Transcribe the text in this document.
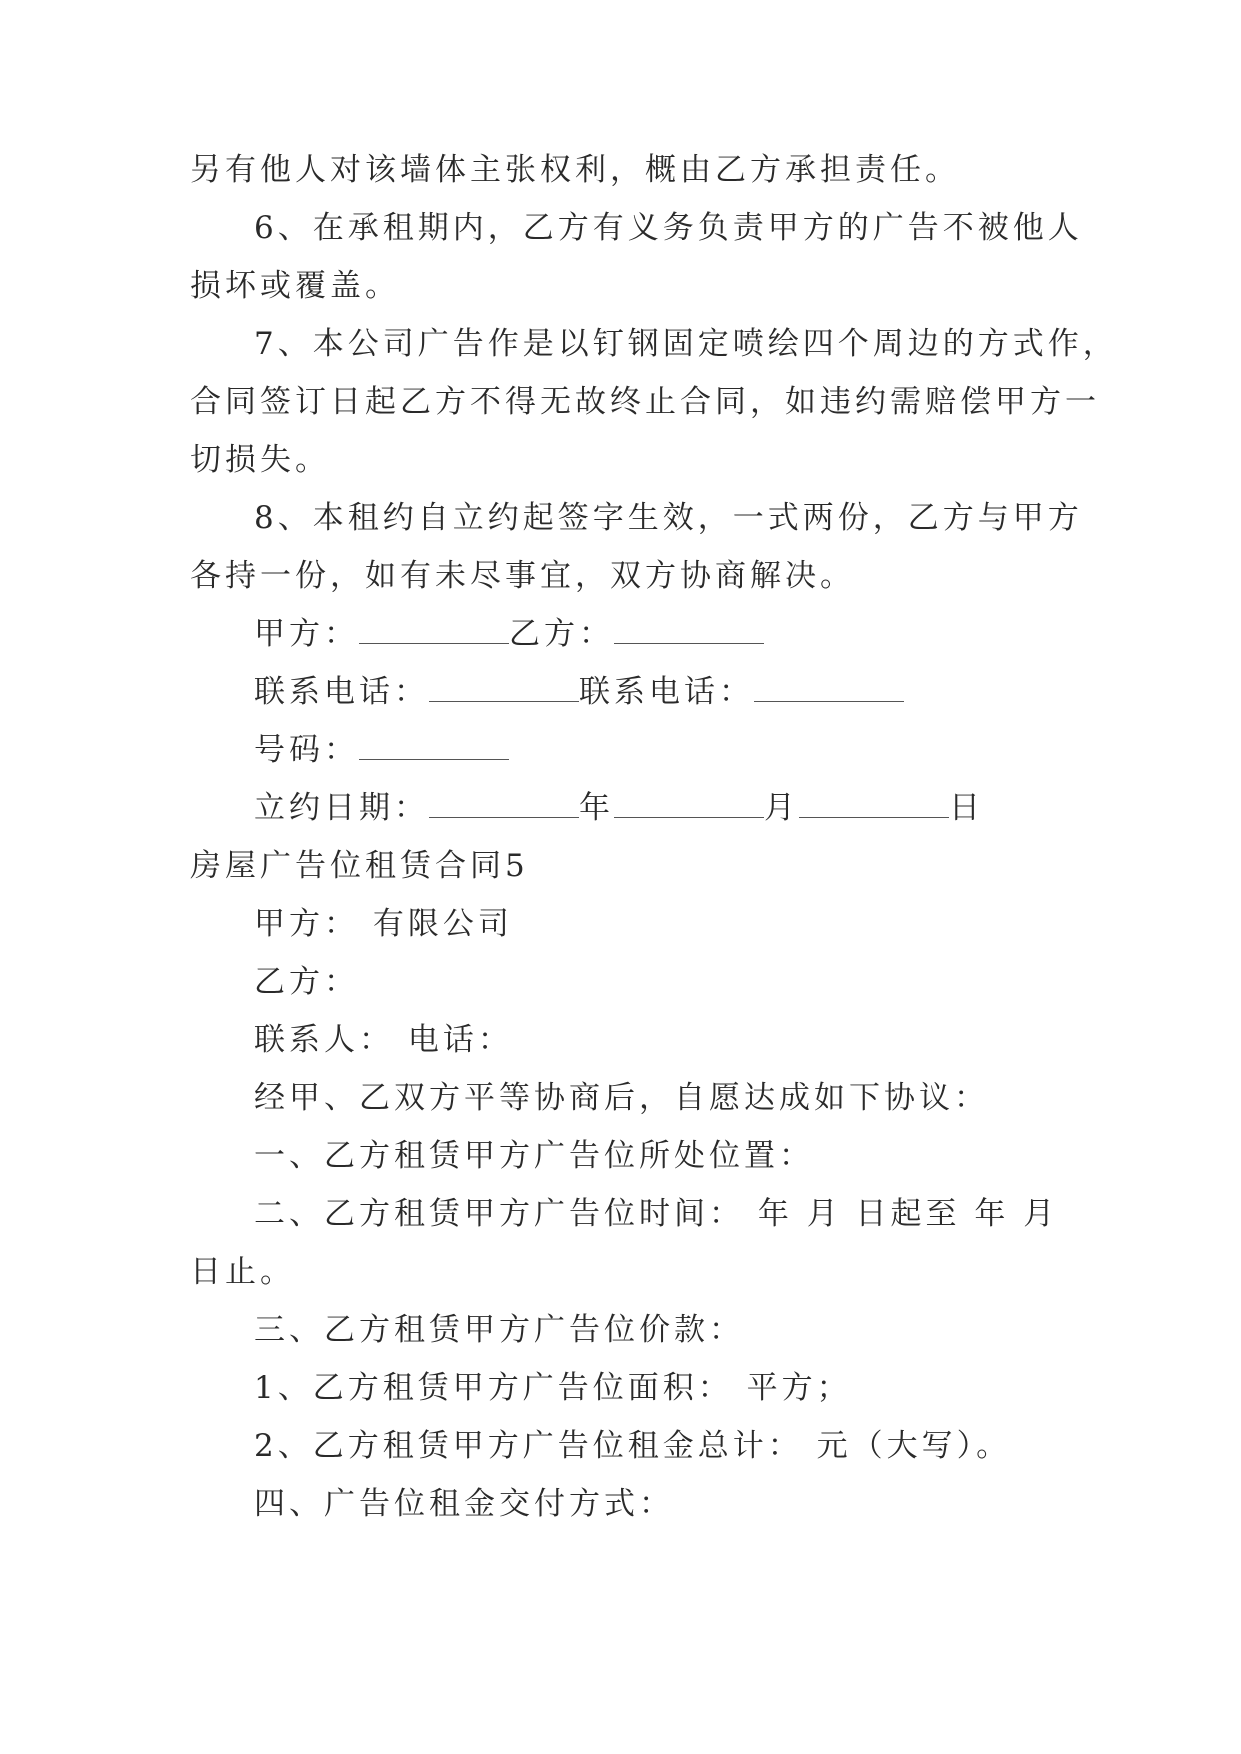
另有他人对该墙体主张权利，概由乙方承担责任。
6、在承租期内，乙方有义务负责甲方的广告不被他人
损坏或覆盖。
7、本公司广告作是以钉钢固定喷绘四个周边的方式作，
合同签订日起乙方不得无故终止合同，如违约需赔偿甲方一
切损失。
8、本租约自立约起签字生效，一式两份，乙方与甲方
各持一份，如有未尽事宜，双方协商解决。
甲方：	乙方：
联系电话：	联系电话：
号码：
立约日期：	年	月	日
房屋广告位租赁合同5
甲方： 有限公司
乙方：
联系人： 电话：
经甲、乙双方平等协商后，自愿达成如下协议：
一、乙方租赁甲方广告位所处位置：
二、乙方租赁甲方广告位时间： 年 月 日起至 年 月
日止。
三、乙方租赁甲方广告位价款：
1、乙方租赁甲方广告位面积： 平方；
2、乙方租赁甲方广告位租金总计： 元（大写）。
四、广告位租金交付方式：
